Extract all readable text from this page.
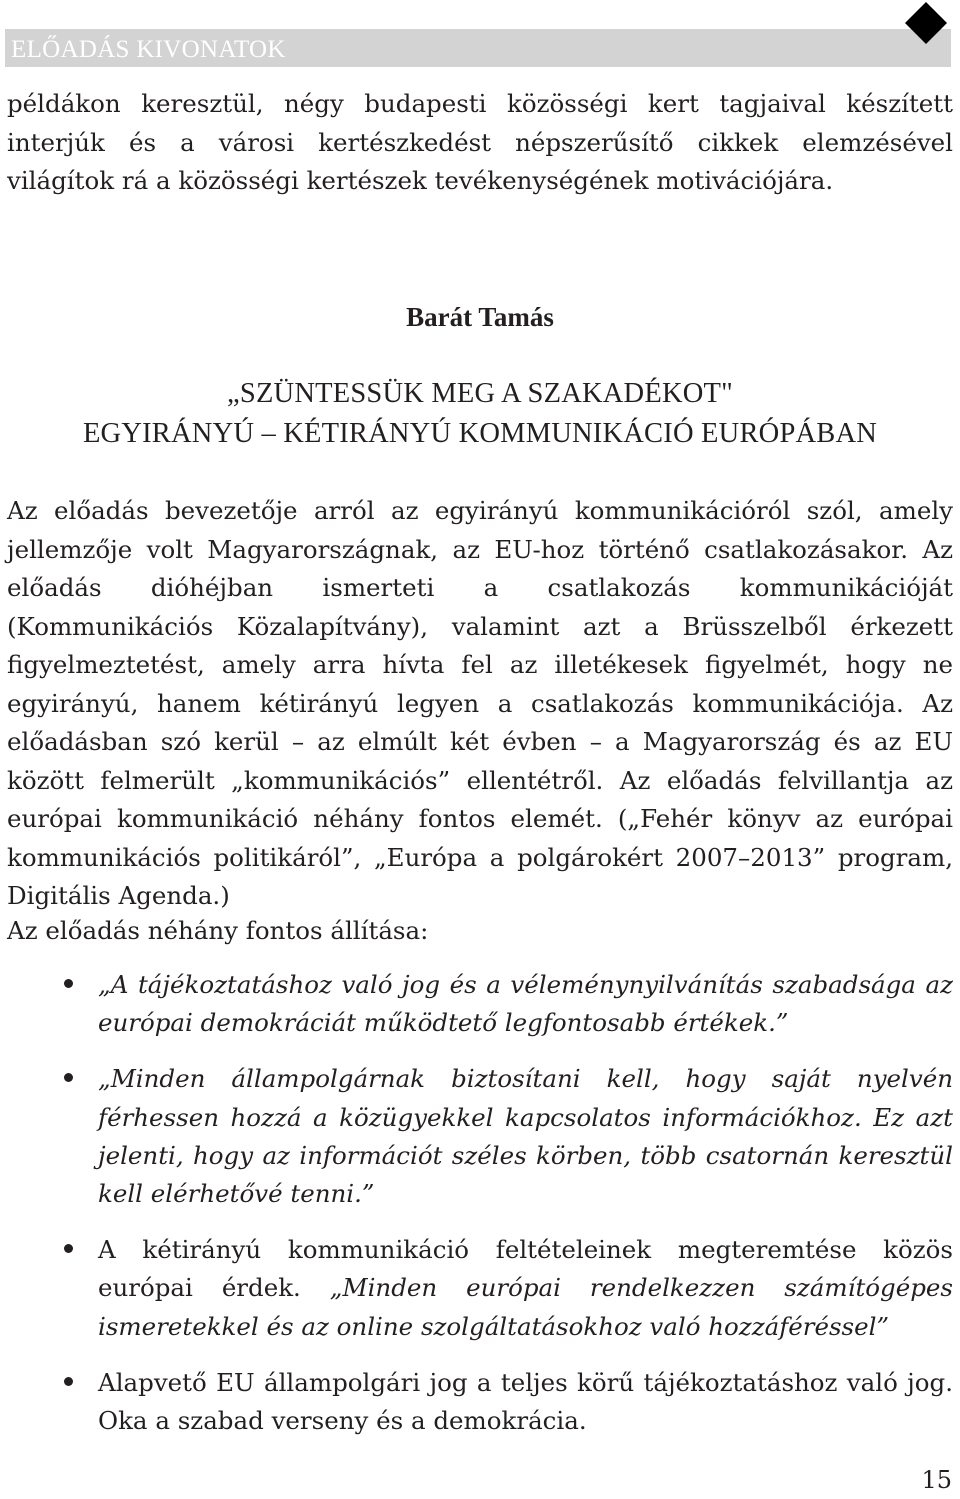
ELŐADÁS KIVONATOK

példákon keresztül, négy budapesti közösségi kert tagjaival készített interjúk és a városi kertészkedést népszerűsítő cikkek elemzésével világítok rá a közösségi kertészek tevékenységének motivációjára.

Barát Tamás
„SZÜNTESSÜK MEG A SZAKADÉKOT"
EGYIRÁNYÚ – KÉTIRÁNYÚ KOMMUNIKÁCIÓ EURÓPÁBAN

Az előadás bevezetője arról az egyirányú kommunikációról szól, amely jellemzője volt Magyarországnak, az EU-hoz történő csatlakozásakor. Az előadás dióhéjban ismerteti a csatlakozás kommunikációját (Kommunikációs Közalapítvány), valamint azt a Brüsszelből érkezett figyelmeztetést, amely arra hívta fel az illetékesek figyelmét, hogy ne egyirányú, hanem kétirányú legyen a csatlakozás kommunikációja. Az előadásban szó kerül – az elmúlt két évben – a Magyarország és az EU között felmerült „kommunikációs” ellentétről. Az előadás felvillantja az európai kommunikáció néhány fontos elemét. („Fehér könyv az európai kommunikációs politikáról”, „Európa a polgárokért 2007–2013” program, Digitális Agenda.)

Az előadás néhány fontos állítása:

„A tájékoztatáshoz való jog és a véleménynyilvánítás szabadsága az európai demokráciát működtető legfontosabb értékek.”
„Minden állampolgárnak biztosítani kell, hogy saját nyelvén férhessen hozzá a közügyekkel kapcsolatos információkhoz. Ez azt jelenti, hogy az információt széles körben, több csatornán keresztül kell elérhetővé tenni.”
A kétirányú kommunikáció feltételeinek megteremtése közös európai érdek. „Minden európai rendelkezzen számítógépes ismeretekkel és az online szolgáltatásokhoz való hozzáféréssel”
Alapvető EU állampolgári jog a teljes körű tájékoztatáshoz való jog. Oka a szabad verseny és a demokrácia.
15
